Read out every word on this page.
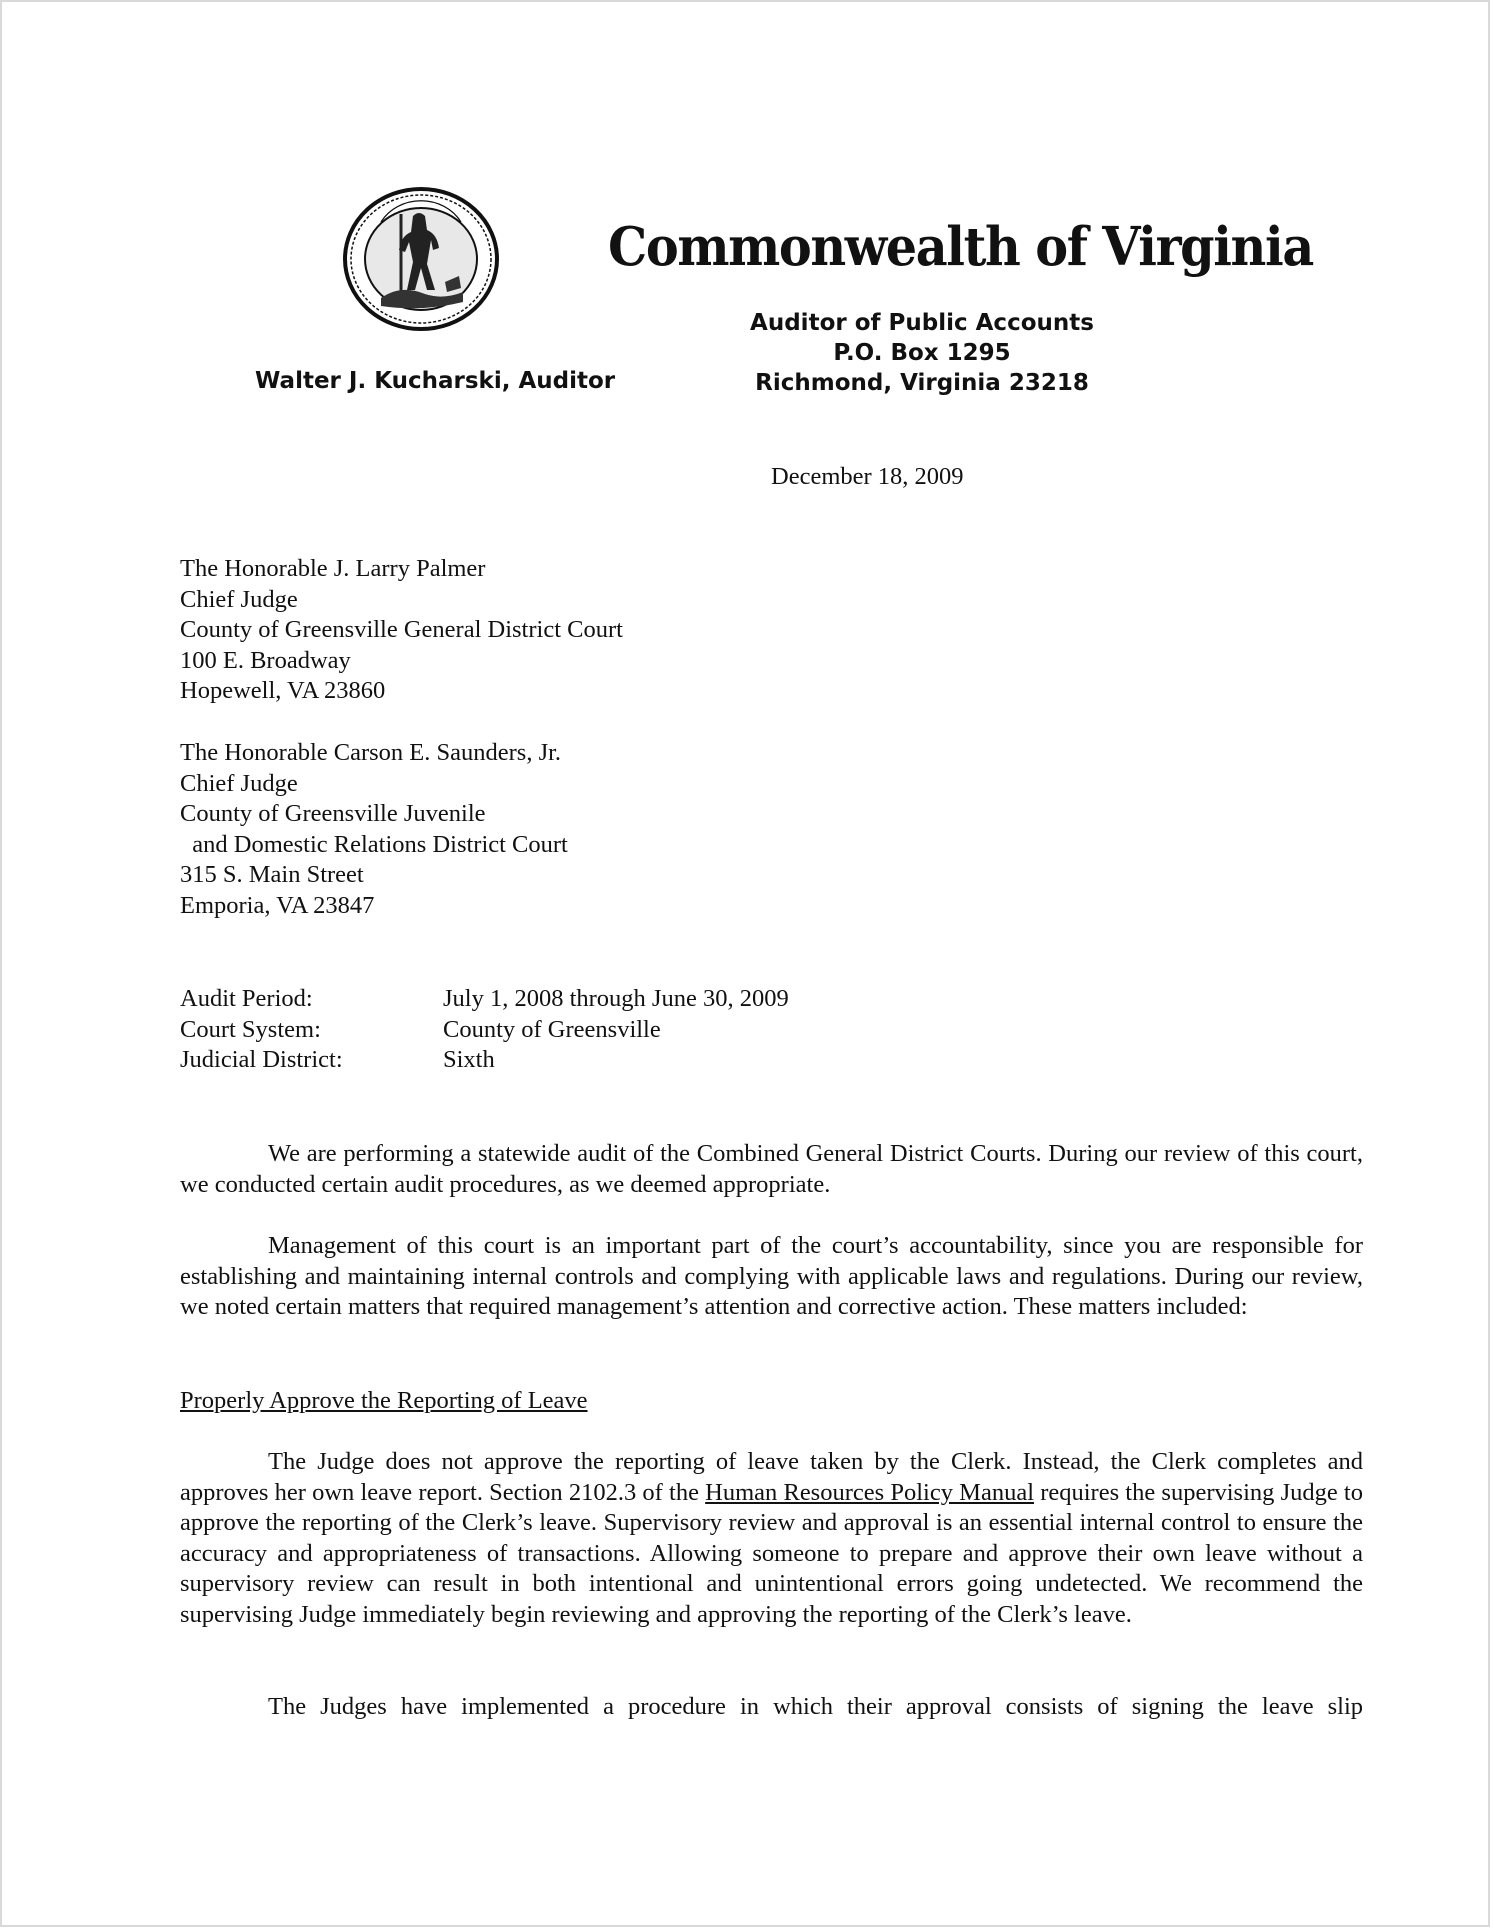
Commonwealth of Virginia
Auditor of Public Accounts
P.O. Box 1295
Richmond, Virginia 23218
Walter J. Kucharski, Auditor
December 18, 2009
The Honorable J. Larry Palmer
Chief Judge
County of Greensville General District Court
100 E. Broadway
Hopewell, VA 23860
The Honorable Carson E. Saunders, Jr.
Chief Judge
County of Greensville Juvenile
and Domestic Relations District Court
315 S. Main Street
Emporia, VA 23847
Audit Period:	July 1, 2008 through June 30, 2009
Court System:	County of Greensville
Judicial District:	Sixth
We are performing a statewide audit of the Combined General District Courts. During our review of this court, we conducted certain audit procedures, as we deemed appropriate.
Management of this court is an important part of the court’s accountability, since you are responsible for establishing and maintaining internal controls and complying with applicable laws and regulations. During our review, we noted certain matters that required management’s attention and corrective action. These matters included:
Properly Approve the Reporting of Leave
The Judge does not approve the reporting of leave taken by the Clerk. Instead, the Clerk completes and approves her own leave report. Section 2102.3 of the Human Resources Policy Manual requires the supervising Judge to approve the reporting of the Clerk’s leave. Supervisory review and approval is an essential internal control to ensure the accuracy and appropriateness of transactions. Allowing someone to prepare and approve their own leave without a supervisory review can result in both intentional and unintentional errors going undetected. We recommend the supervising Judge immediately begin reviewing and approving the reporting of the Clerk’s leave.
The Judges have implemented a procedure in which their approval consists of signing the leave slip
